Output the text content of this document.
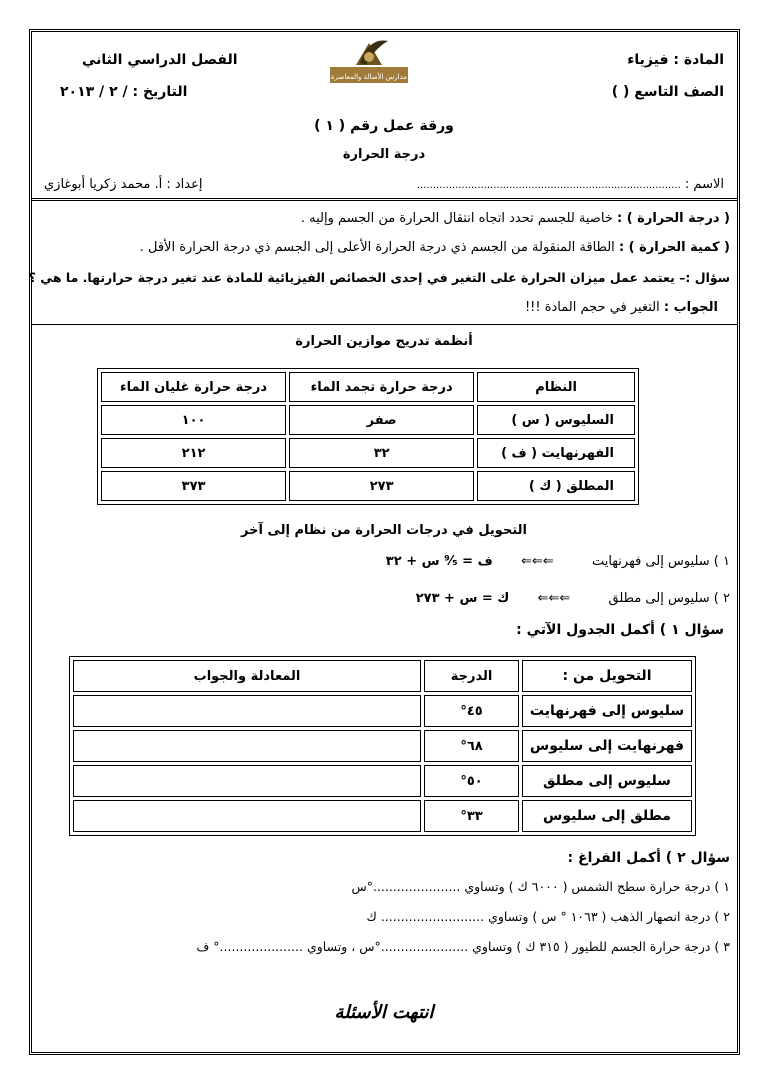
المادة : فيزياء
الصف التاسع ( )
الفصل الدراسي الثاني
التاريخ : / ٢ / ٢٠١٣
مدارس الأصالة والمعاصرة
ورقة عمل رقم ( ١ )
درجة الحرارة
الاسم : ...................................................................................
إعداد : أ. محمد زكريا أبوغازي
( درجة الحرارة ) : خاصية للجسم تحدد اتجاه انتقال الحرارة من الجسم وإليه .
( كمية الحرارة ) : الطاقة المنقولة من الجسم ذي درجة الحرارة الأعلى إلى الجسم ذي درجة الحرارة الأقل .
سؤال :– يعتمد عمل ميزان الحرارة على التغير في إحدى الخصائص الفيزيائية للمادة عند تغير درجة حرارتها. ما هي ؟
الجواب : التغير في حجم المادة !!!
أنظمة تدريج موازين الحرارة
النظام	درجة حرارة تجمد الماء	درجة حرارة غليان الماء
السليوس ( س )	صفر	١٠٠
الفهرنهايت ( ف )	٣٢	٢١٢
المطلق ( ك )	٢٧٣	٣٧٣
التحويل في درجات الحرارة من نظام إلى آخر
١ ) سليوس إلى فهرنهايت  ⇐⇐⇐  ف = ⁹⁄₅ س + ٣٢
٢ ) سليوس إلى مطلق  ⇐⇐⇐  ك = س + ٢٧٣
سؤال ١ ) أكمل الجدول الآتي :
التحويل من :	الدرجة	المعادلة والجواب
سليوس إلى فهرنهايت	٤٥°	
فهرنهايت إلى سليوس	٦٨°	
سليوس إلى مطلق	٥٠°	
مطلق إلى سليوس	٣٣°	
سؤال ٢ ) أكمل الفراغ :
١ ) درجة حرارة سطح الشمس ( ٦٠٠٠ ك ) وتساوي ......................°س
٢ ) درجة انصهار الذهب ( ١٠٦٣ ° س ) وتساوي .......................... ك
٣ ) درجة حرارة الجسم للطيور ( ٣١٥ ك ) وتساوي ......................°س ، وتساوي .....................° ف
انتهت الأسئلة
